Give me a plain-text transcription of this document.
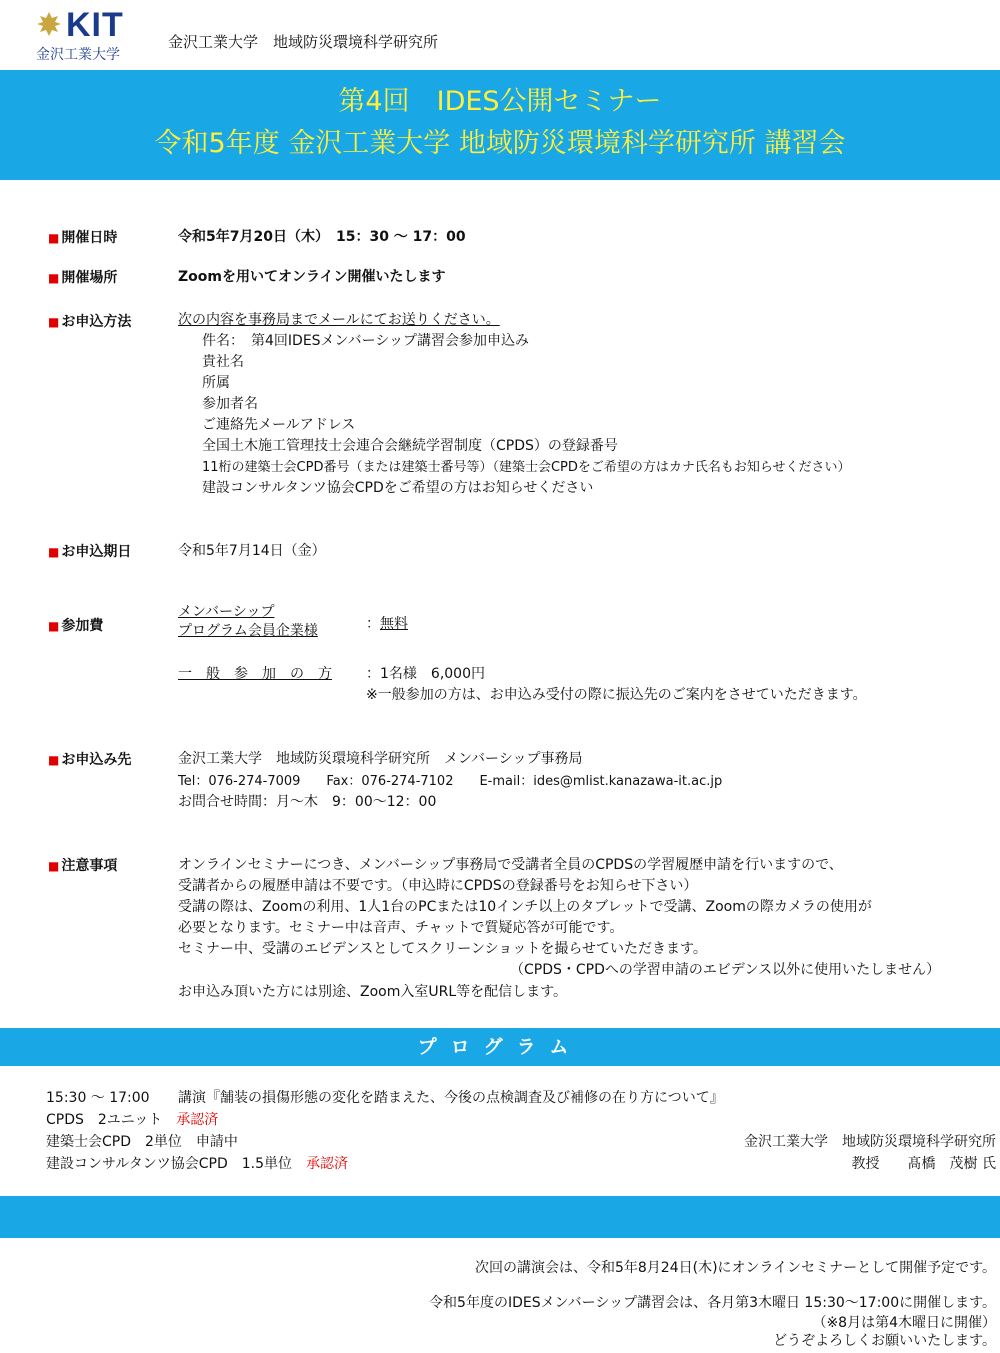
KIT
金沢工業大学
金沢工業大学　地域防災環境科学研究所
第4回　IDES公開セミナー
令和5年度 金沢工業大学 地域防災環境科学研究所 講習会
■ 開催日時	令和5年7月20日（木）　15：30 ～ 17：00
■ 開催場所	Zoomを用いてオンライン開催いたします
■ お申込方法	次の内容を事務局までメールにてお送りください。
件名：　第4回IDESメンバーシップ講習会参加申込み
貴社名
所属
参加者名
ご連絡先メールアドレス
全国土木施工管理技士会連合会継続学習制度（CPDS）の登録番号
11桁の建築士会CPD番号（または建築士番号等）（建築士会CPDをご希望の方はカナ氏名もお知らせください）
建設コンサルタンツ協会CPDをご希望の方はお知らせください
■ お申込期日	令和5年7月14日（金）
■ 参加費
メンバーシップ
プログラム会員企業様	：無料
一　般　参　加　の　方 ：1名様　6,000円
※一般参加の方は、お申込み受付の際に振込先のご案内をさせていただきます。
■ お申込み先	金沢工業大学　地域防災環境科学研究所　メンバーシップ事務局
Tel：076-274-7009　　Fax：076-274-7102　　E-mail：ides@mlist.kanazawa-it.ac.jp
お問合せ時間：月～木　9：00～12：00
■ 注意事項	オンラインセミナーにつき、メンバーシップ事務局で受講者全員のCPDSの学習履歴申請を行いますので、
受講者からの履歴申請は不要です。（申込時にCPDSの登録番号をお知らせ下さい）
受講の際は、Zoomの利用、1人1台のPCまたは10インチ以上のタブレットで受講、Zoomの際カメラの使用が
必要となります。セミナー中は音声、チャットで質疑応答が可能です。
セミナー中、受講のエビデンスとしてスクリーンショットを撮らせていただきます。
（CPDS・CPDへの学習申請のエビデンス以外に使用いたしません）
お申込み頂いた方には別途、Zoom入室URL等を配信します。
プログラム
15:30 ～ 17:00 講演『舗装の損傷形態の変化を踏まえた、今後の点検調査及び補修の在り方について』
CPDS　2ユニット　 承認済
建築士会CPD　2単位　申請中
建設コンサルタンツ協会CPD　1.5単位　 承認済
金沢工業大学　地域防災環境科学研究所
教授　　髙橋　茂樹 氏
次回の講演会は、令和5年8月24日(木)にオンラインセミナーとして開催予定です。
令和5年度のIDESメンバーシップ講習会は、各月第3木曜日 15:30～17:00に開催します。
（※8月は第4木曜日に開催）
どうぞよろしくお願いいたします。
